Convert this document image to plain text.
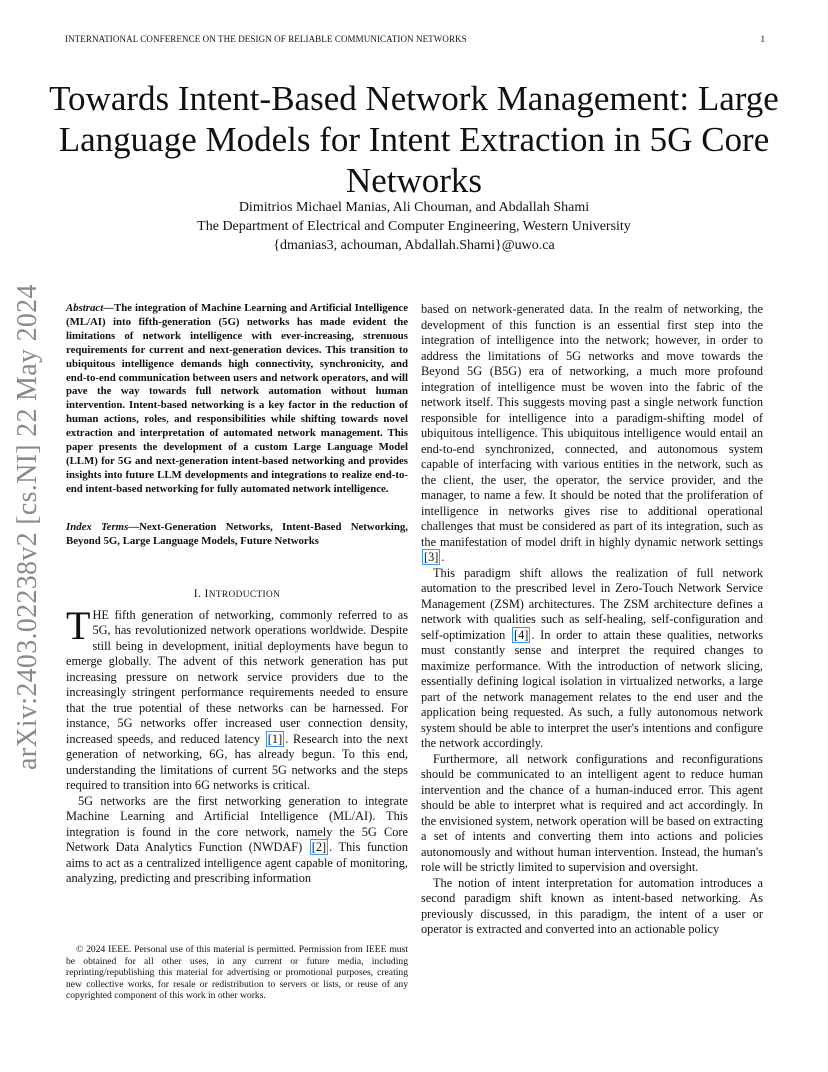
INTERNATIONAL CONFERENCE ON THE DESIGN OF RELIABLE COMMUNICATION NETWORKS	1
Towards Intent-Based Network Management: Large Language Models for Intent Extraction in 5G Core Networks
Dimitrios Michael Manias, Ali Chouman, and Abdallah Shami
The Department of Electrical and Computer Engineering, Western University
{dmanias3, achouman, Abdallah.Shami}@uwo.ca
arXiv:2403.02238v2 [cs.NI] 22 May 2024 Abstract—The integration of Machine Learning and Artificial Intelligence (ML/AI) into fifth-generation (5G) networks has made evident the limitations of network intelligence with ever-increasing, strenuous requirements for current and next-generation devices. This transition to ubiquitous intelligence demands high connectivity, synchronicity, and end-to-end communication between users and network operators, and will pave the way towards full network automation without human intervention. Intent-based networking is a key factor in the reduction of human actions, roles, and responsibilities while shifting towards novel extraction and interpretation of automated network management. This paper presents the development of a custom Large Language Model (LLM) for 5G and next-generation intent-based networking and provides insights into future LLM developments and integrations to realize end-to-end intent-based networking for fully automated network intelligence.

Index Terms—Next-Generation Networks, Intent-Based Networking, Beyond 5G, Large Language Models, Future Networks

I. INTRODUCTION

THE fifth generation of networking, commonly referred to as 5G, has revolutionized network operations worldwide. Despite still being in development, initial deployments have begun to emerge globally. The advent of this network generation has put increasing pressure on network service providers due to the increasingly stringent performance requirements needed to ensure that the true potential of these networks can be harnessed. For instance, 5G networks offer increased user connection density, increased speeds, and reduced latency [1] . Research into the next generation of networking, 6G, has already begun. To this end, understanding the limitations of current 5G networks and the steps required to transition into 6G networks is critical.

5G networks are the first networking generation to integrate Machine Learning and Artificial Intelligence (ML/AI). This integration is found in the core network, namely the 5G Core Network Data Analytics Function (NWDAF) [2] . This function aims to act as a centralized intelligence agent capable of monitoring, analyzing, predicting and prescribing information

© 2024 IEEE. Personal use of this material is permitted. Permission from IEEE must be obtained for all other uses, in any current or future media, including reprinting/republishing this material for advertising or promotional purposes, creating new collective works, for resale or redistribution to servers or lists, or reuse of any copyrighted component of this work in other works.

based on network-generated data. In the realm of networking, the development of this function is an essential first step into the integration of intelligence into the network; however, in order to address the limitations of 5G networks and move towards the Beyond 5G (B5G) era of networking, a much more profound integration of intelligence must be woven into the fabric of the network itself. This suggests moving past a single network function responsible for intelligence into a paradigm-shifting model of ubiquitous intelligence. This ubiquitous intelligence would entail an end-to-end synchronized, connected, and autonomous system capable of interfacing with various entities in the network, such as the client, the user, the operator, the service provider, and the manager, to name a few. It should be noted that the proliferation of intelligence in networks gives rise to additional operational challenges that must be considered as part of its integration, such as the manifestation of model drift in highly dynamic network settings [3] .

This paradigm shift allows the realization of full network automation to the prescribed level in Zero-Touch Network Service Management (ZSM) architectures. The ZSM architecture defines a network with qualities such as self-healing, self-configuration and self-optimization [4] . In order to attain these qualities, networks must constantly sense and interpret the required changes to maximize performance. With the introduction of network slicing, essentially defining logical isolation in virtualized networks, a large part of the network management relates to the end user and the application being requested. As such, a fully autonomous network system should be able to interpret the user's intentions and configure the network accordingly.

Furthermore, all network configurations and reconfigurations should be communicated to an intelligent agent to reduce human intervention and the chance of a human-induced error. This agent should be able to interpret what is required and act accordingly. In the envisioned system, network operation will be based on extracting a set of intents and converting them into actions and policies autonomously and without human intervention. Instead, the human's role will be strictly limited to supervision and oversight.

The notion of intent interpretation for automation introduces a second paradigm shift known as intent-based networking. As previously discussed, in this paradigm, the intent of a user or operator is extracted and converted into an actionable policy
